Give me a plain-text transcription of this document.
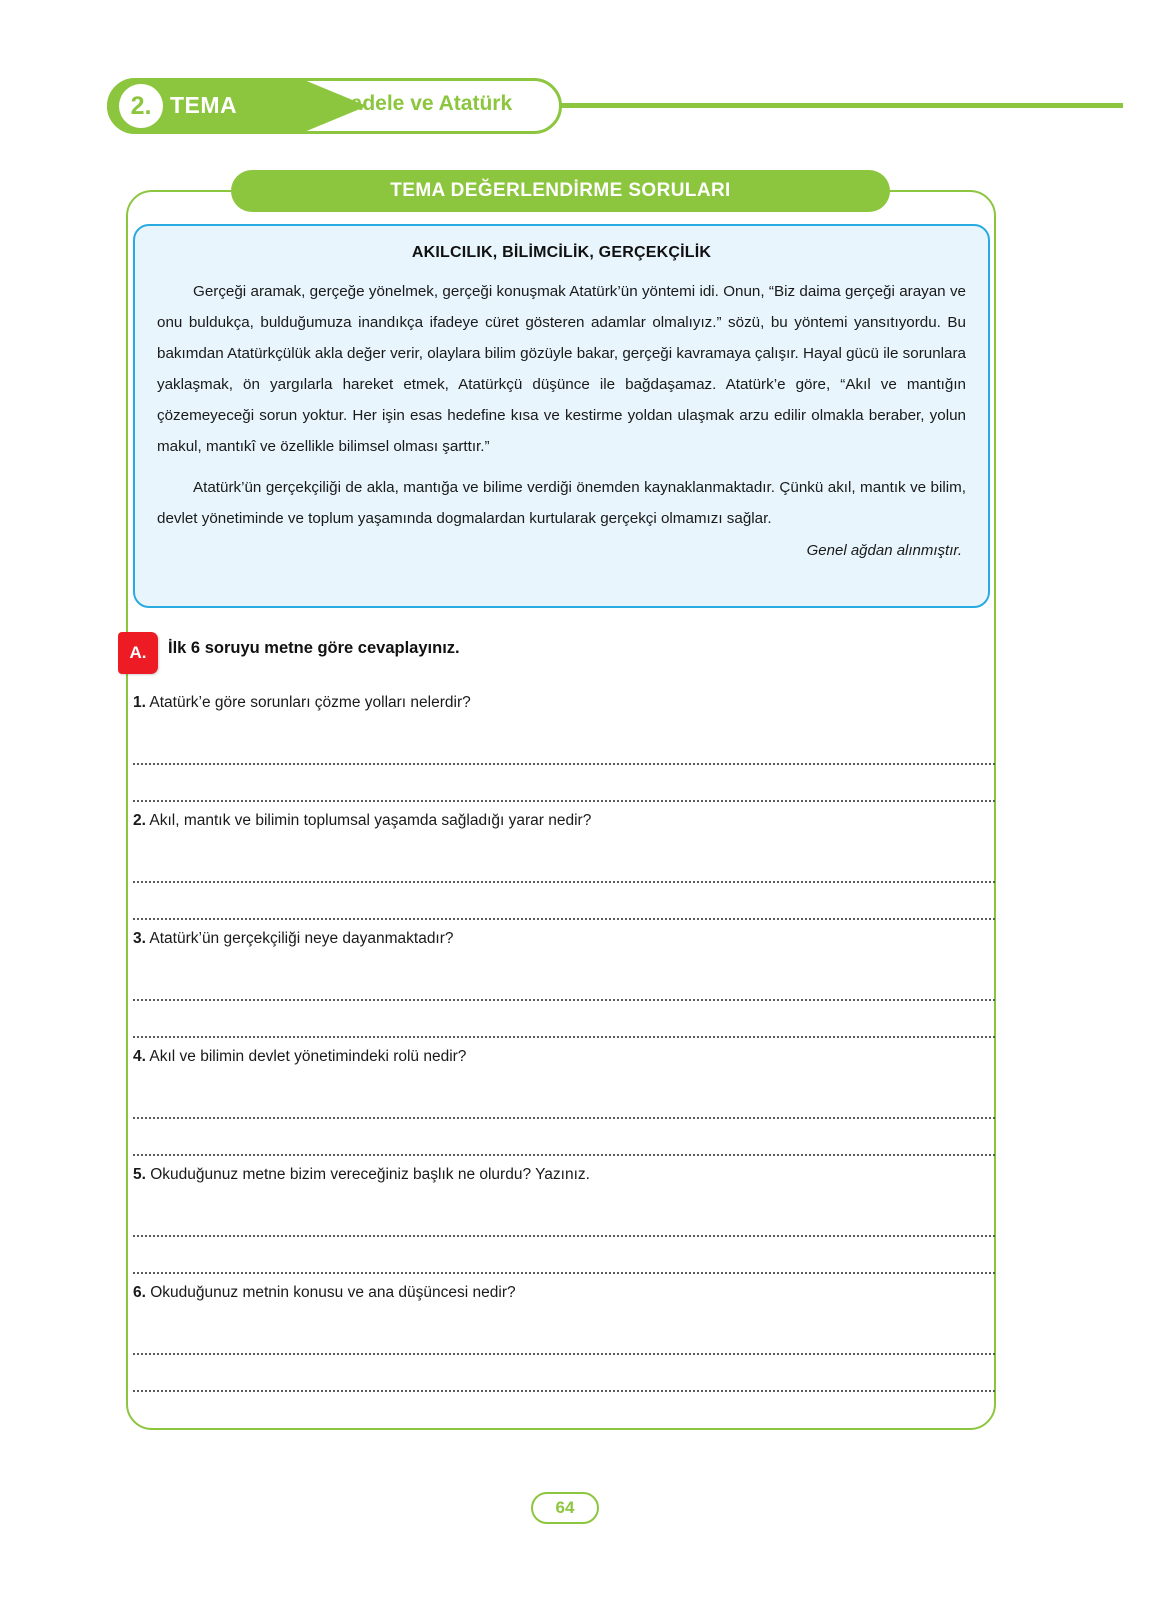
2. TEMA Millî Mücadele ve Atatürk
TEMA DEĞERLENDİRME SORULARI
AKILCILIK, BİLİMCİLİK, GERÇEKÇİLİK

Gerçeği aramak, gerçeğe yönelmek, gerçeği konuşmak Atatürk’ün yöntemi idi. Onun, “Biz daima gerçeği arayan ve onu buldukça, bulduğumuza inandıkça ifadeye cüret gösteren adamlar olmalıyız.” sözü, bu yöntemi yansıtıyordu. Bu bakımdan Atatürkçülük akla değer verir, olaylara bilim gözüyle bakar, gerçeği kavramaya çalışır. Hayal gücü ile sorunlara yaklaşmak, ön yargılarla hareket etmek, Atatürkçü düşünce ile bağdaşamaz. Atatürk’e göre, “Akıl ve mantığın çözemeyeceği sorun yoktur. Her işin esas hedefine kısa ve kestirme yoldan ulaşmak arzu edilir olmakla beraber, yolun makul, mantıkî ve özellikle bilimsel olması şarttır.”

Atatürk’ün gerçekçiliği de akla, mantığa ve bilime verdiği önemden kaynaklanmaktadır. Çünkü akıl, mantık ve bilim, devlet yönetiminde ve toplum yaşamında dogmalardan kurtularak gerçekçi olmamızı sağlar.

Genel ağdan alınmıştır.
A. İlk 6 soruyu metne göre cevaplayınız.
1. Atatürk’e göre sorunları çözme yolları nelerdir?
2. Akıl, mantık ve bilimin toplumsal yaşamda sağladığı yarar nedir?
3. Atatürk’ün gerçekçiliği neye dayanmaktadır?
4. Akıl ve bilimin devlet yönetimindeki rolü nedir?
5. Okuduğunuz metne bizim vereceğiniz başlık ne olurdu? Yazınız.
6. Okuduğunuz metnin konusu ve ana düşüncesi nedir?
64
